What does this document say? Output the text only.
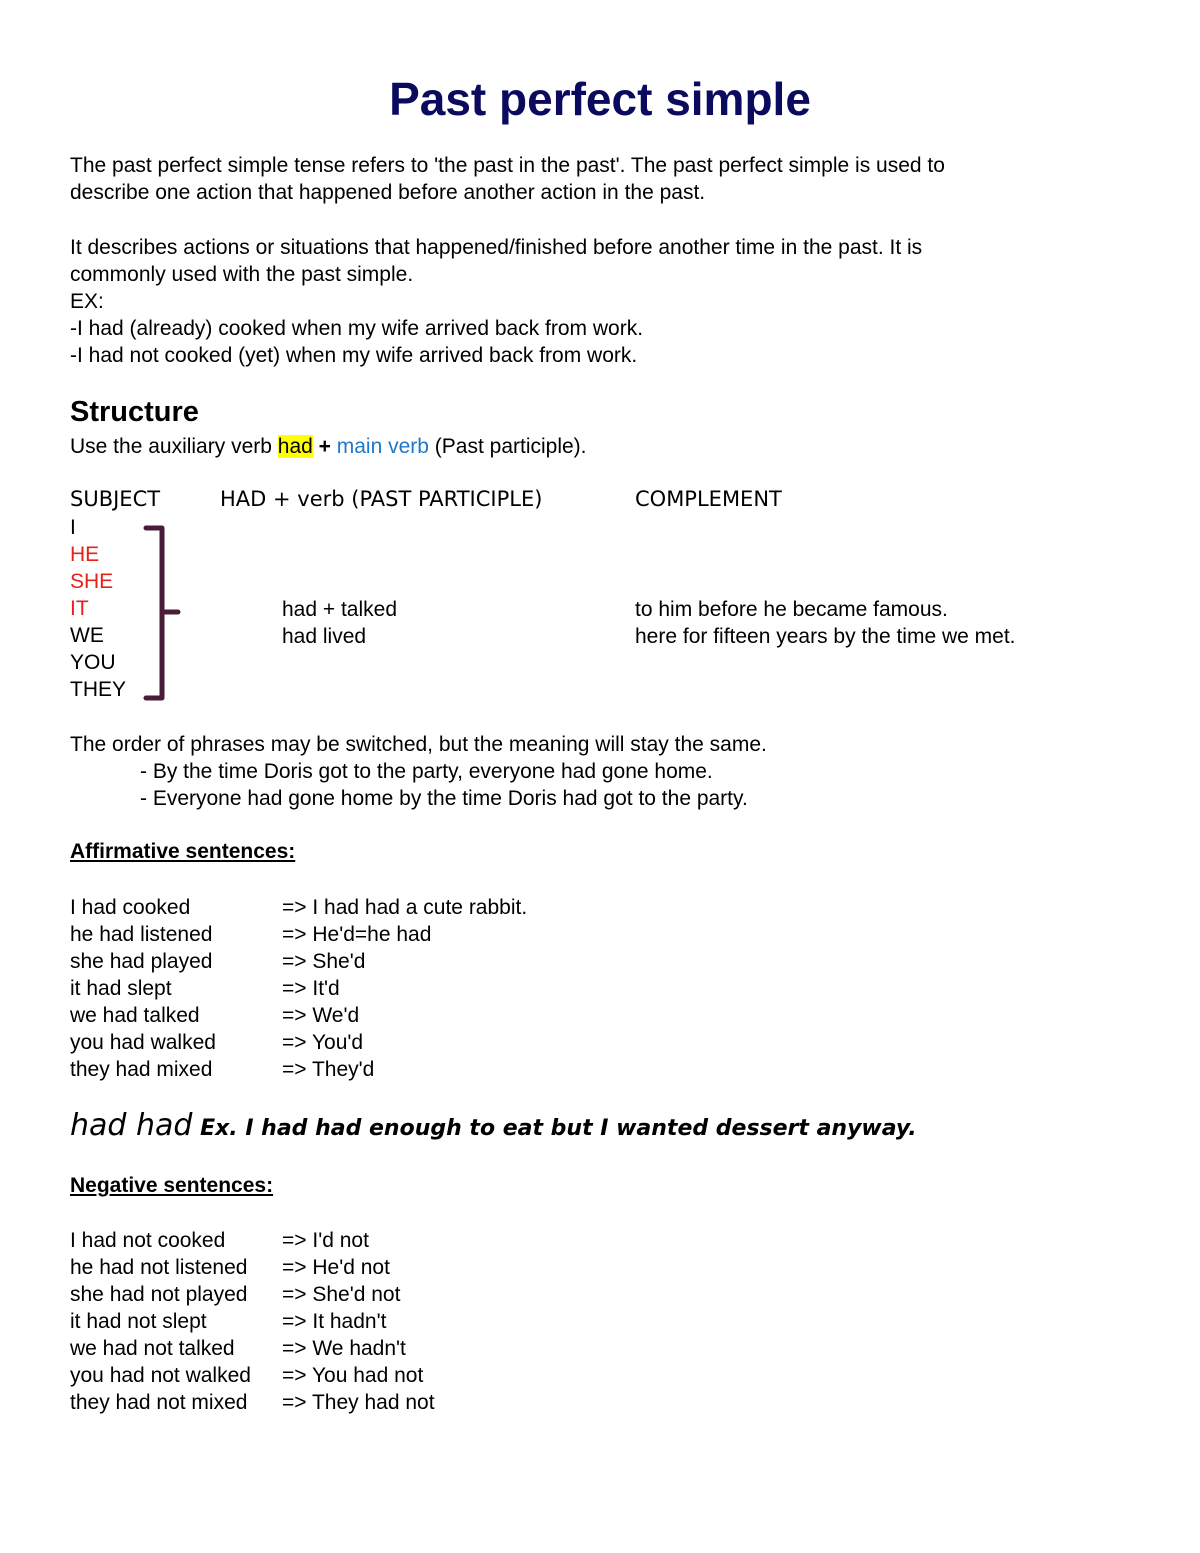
Past perfect simple
The past perfect simple tense refers to 'the past in the past'. The past perfect simple is used to
describe one action that happened before another action in the past.
It describes actions or situations that happened/finished before another time in the past. It is
commonly used with the past simple.
EX:
-I had (already) cooked when my wife arrived back from work.
-I had not cooked (yet) when my wife arrived back from work.
Structure
Use the auxiliary verb had + main verb (Past participle).
SUBJECT	HAD + verb (PAST PARTICIPLE)	COMPLEMENT
I
HE
SHE
IT
WE
YOU
THEY
had + talked
had lived
to him before he became famous.
here for fifteen years by the time we met.
The order of phrases may be switched, but the meaning will stay the same.
- By the time Doris got to the party, everyone had gone home.
- Everyone had gone home by the time Doris had got to the party.
Affirmative sentences:
I had cooked
he had listened
she had played
it had slept
we had talked
you had walked
they had mixed
=> I had had a cute rabbit.
=> He'd=he had
=> She'd
=> It'd
=> We'd
=> You'd
=> They'd
had had Ex. I had had enough to eat but I wanted dessert anyway.
Negative sentences:
I had not cooked
he had not listened
she had not played
it had not slept
we had not talked
you had not walked
they had not mixed
=> I'd not
=> He'd not
=> She'd not
=> It hadn't
=> We hadn't
=> You had not
=> They had not
